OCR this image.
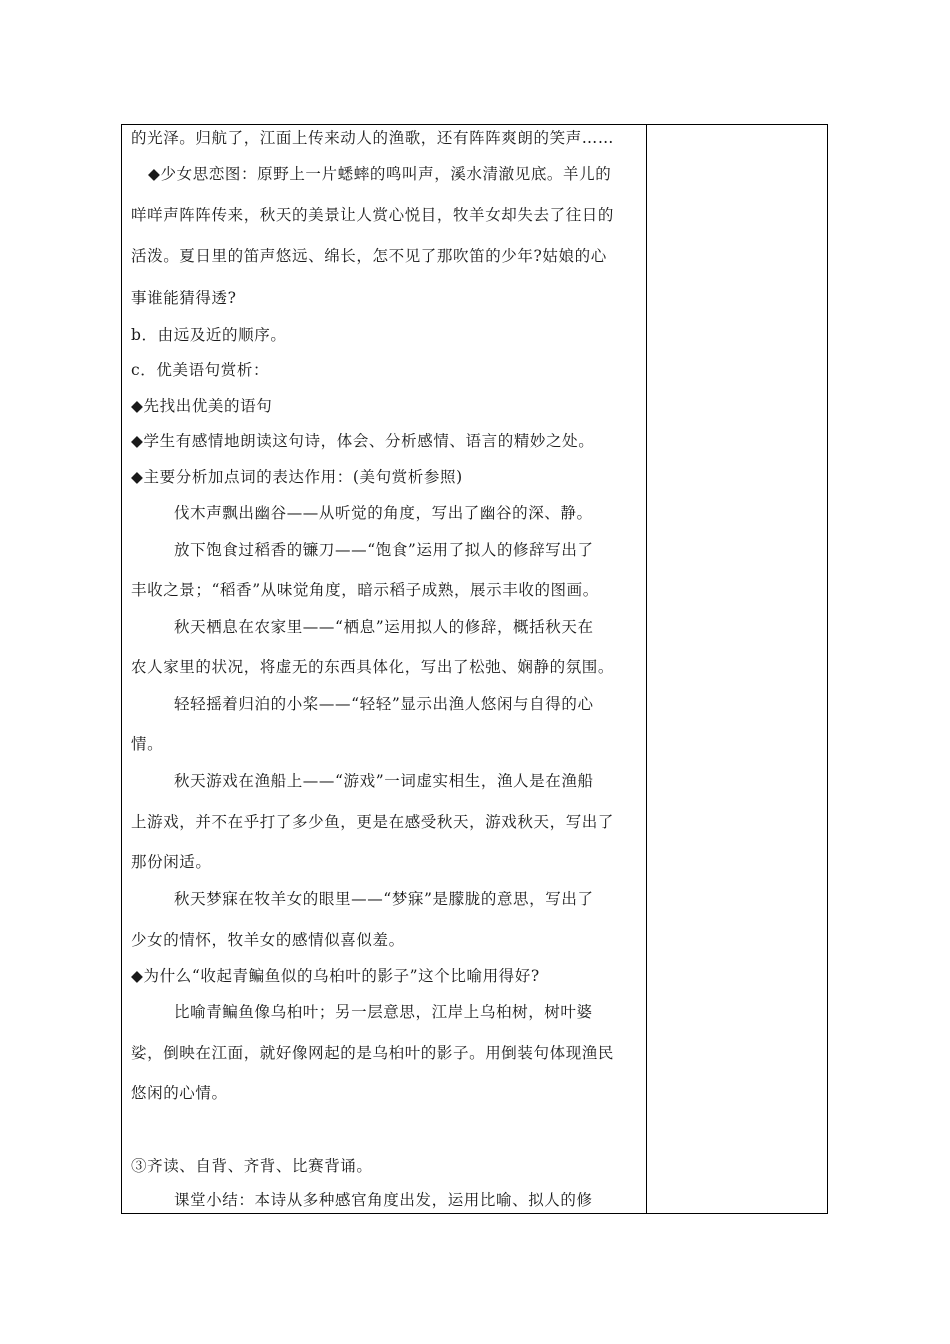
的光泽。归航了，江面上传来动人的渔歌，还有阵阵爽朗的笑声……
◆少女思恋图：原野上一片蟋蟀的鸣叫声，溪水清澈见底。羊儿的
咩咩声阵阵传来，秋天的美景让人赏心悦目，牧羊女却失去了往日的
活泼。夏日里的笛声悠远、绵长，怎不见了那吹笛的少年?姑娘的心
事谁能猜得透?
b．由远及近的顺序。
c．优美语句赏析：
◆先找出优美的语句
◆学生有感情地朗读这句诗，体会、分析感情、语言的精妙之处。
◆主要分析加点词的表达作用：(美句赏析参照)
伐木声飘出幽谷——从听觉的角度，写出了幽谷的深、静。
放下饱食过稻香的镰刀——“饱食”运用了拟人的修辞写出了
丰收之景；“稻香”从味觉角度，暗示稻子成熟，展示丰收的图画。
秋天栖息在农家里——“栖息”运用拟人的修辞，概括秋天在
农人家里的状况，将虚无的东西具体化，写出了松弛、娴静的氛围。
轻轻摇着归泊的小桨——“轻轻”显示出渔人悠闲与自得的心
情。
秋天游戏在渔船上——“游戏”一词虚实相生，渔人是在渔船
上游戏，并不在乎打了多少鱼，更是在感受秋天，游戏秋天，写出了
那份闲适。
秋天梦寐在牧羊女的眼里——“梦寐”是朦胧的意思，写出了
少女的情怀，牧羊女的感情似喜似羞。
◆为什么“收起青鳊鱼似的乌桕叶的影子”这个比喻用得好?
比喻青鳊鱼像乌桕叶；另一层意思，江岸上乌桕树，树叶婆
娑，倒映在江面，就好像网起的是乌桕叶的影子。用倒装句体现渔民
悠闲的心情。
③齐读、自背、齐背、比赛背诵。
课堂小结：本诗从多种感官角度出发，运用比喻、拟人的修
